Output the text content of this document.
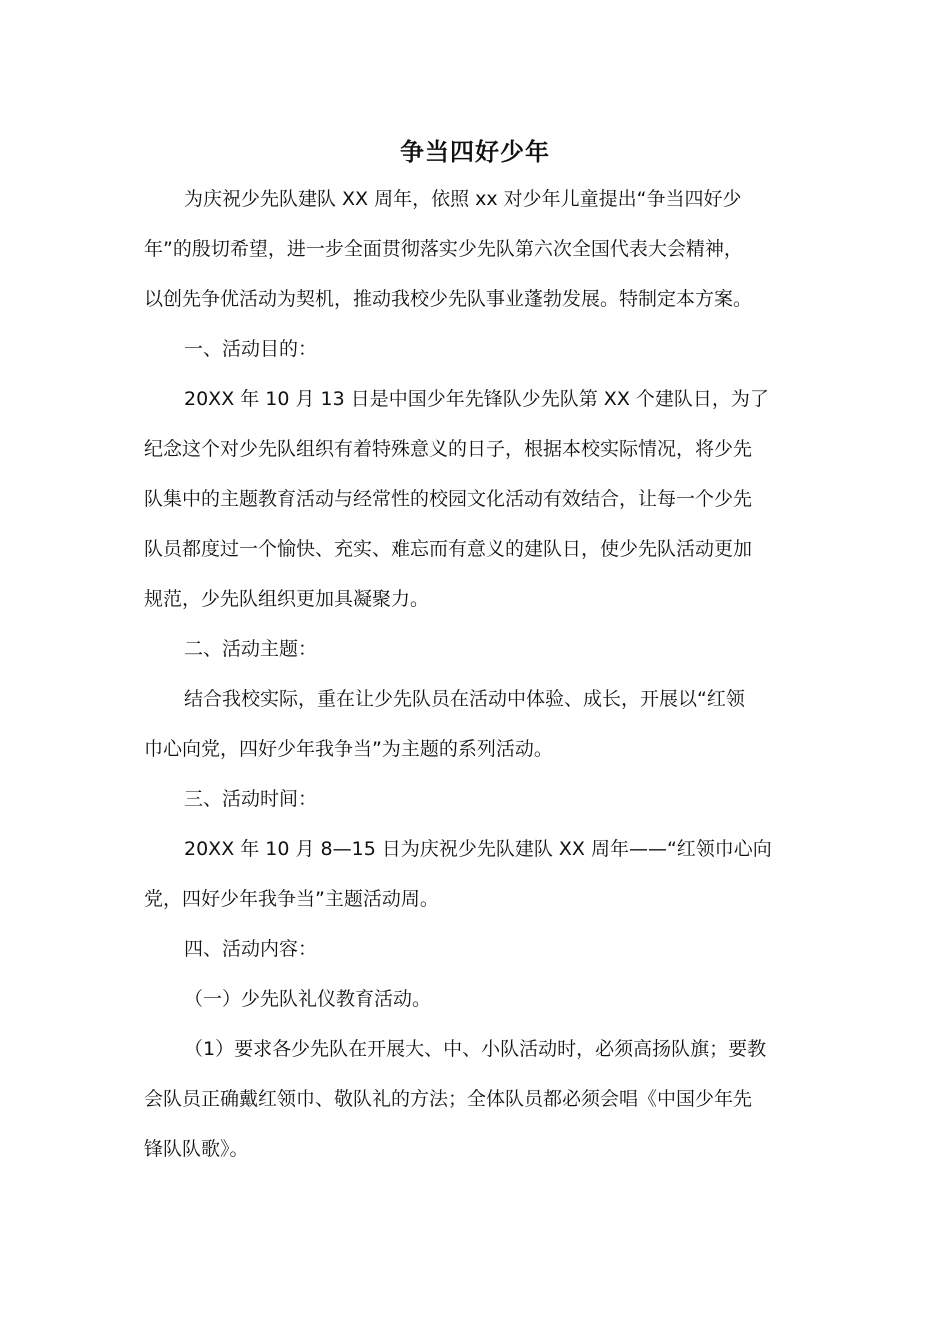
争当四好少年

为庆祝少先队建队 XX 周年，依照 xx 对少年儿童提出“争当四好少
年”的殷切希望，进一步全面贯彻落实少先队第六次全国代表大会精神，
以创先争优活动为契机，推动我校少先队事业蓬勃发展。特制定本方案。

一、活动目的：

20XX 年 10 月 13 日是中国少年先锋队少先队第 XX 个建队日，为了
纪念这个对少先队组织有着特殊意义的日子，根据本校实际情况，将少先
队集中的主题教育活动与经常性的校园文化活动有效结合，让每一个少先
队员都度过一个愉快、充实、难忘而有意义的建队日，使少先队活动更加
规范，少先队组织更加具凝聚力。

二、活动主题：

结合我校实际，重在让少先队员在活动中体验、成长，开展以“红领
巾心向党，四好少年我争当”为主题的系列活动。

三、活动时间：

20XX 年 10 月 8—15 日为庆祝少先队建队 XX 周年——“红领巾心向
党，四好少年我争当”主题活动周。

四、活动内容：

（一）少先队礼仪教育活动。

（1）要求各少先队在开展大、中、小队活动时，必须高扬队旗；要教
会队员正确戴红领巾、敬队礼的方法；全体队员都必须会唱《中国少年先
锋队队歌》。
